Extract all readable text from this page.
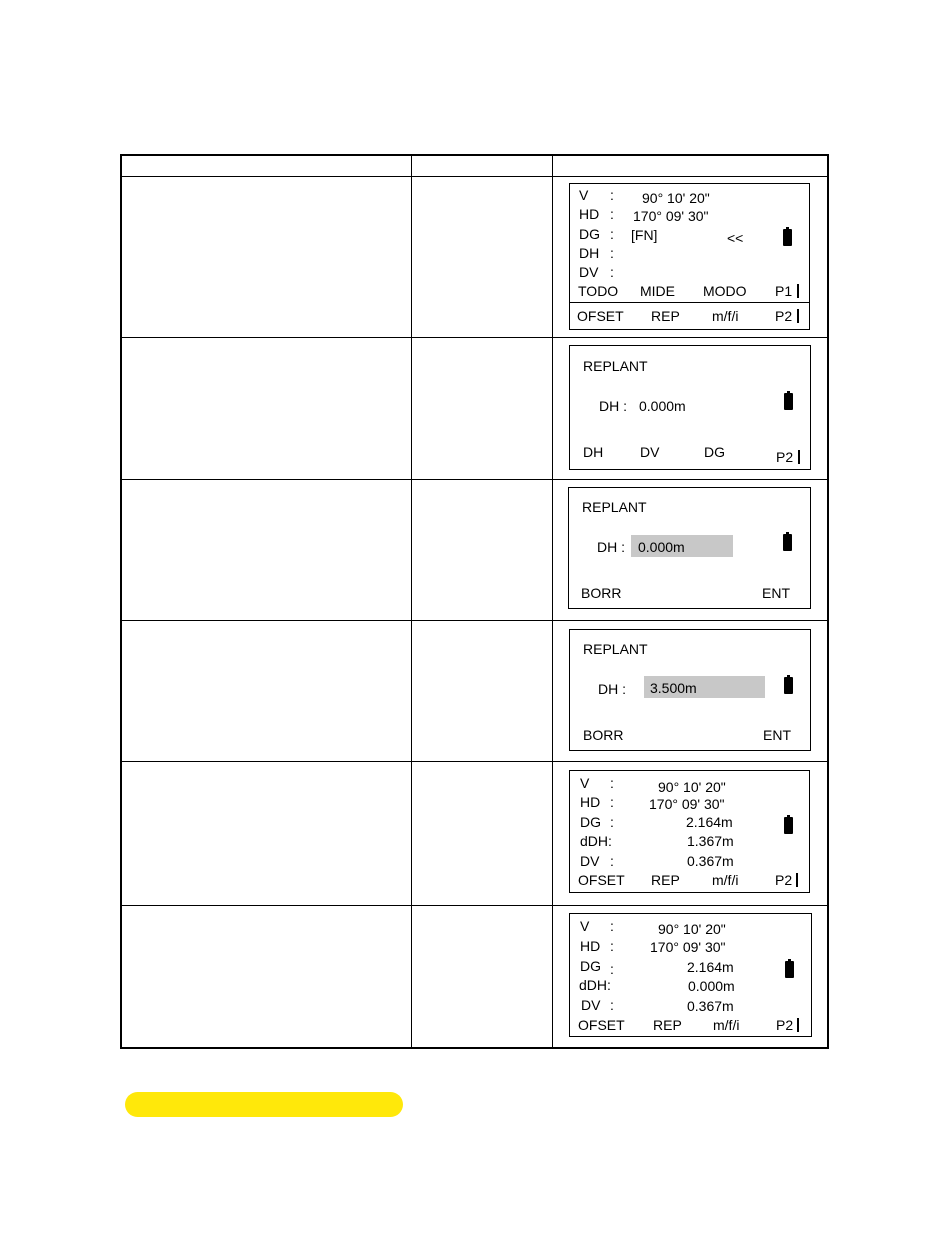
V : 90° 10' 20"
HD : 170° 09' 30"
DG : [FN]	<<
DH :
DV :
TODO MIDE MODO P1
OFSET REP m/f/i	P2
REPLANT
DH : 0.000m
DH	DV	DG	P2
REPLANT
DH : 0.000m
BORR	ENT
REPLANT
DH : 3.500m
BORR	ENT
V :	90° 10' 20"
HD :	170° 09' 30"
DG :	2.164m
dDH:	1.367m
DV :	0.367m
OFSET REP m/f/i	P2
V :	90° 10' 20"
HD :	170° 09' 30"
DG :	2.164m
dDH:	0.000m
DV :	0.367m
OFSET REP m/f/i	P2
